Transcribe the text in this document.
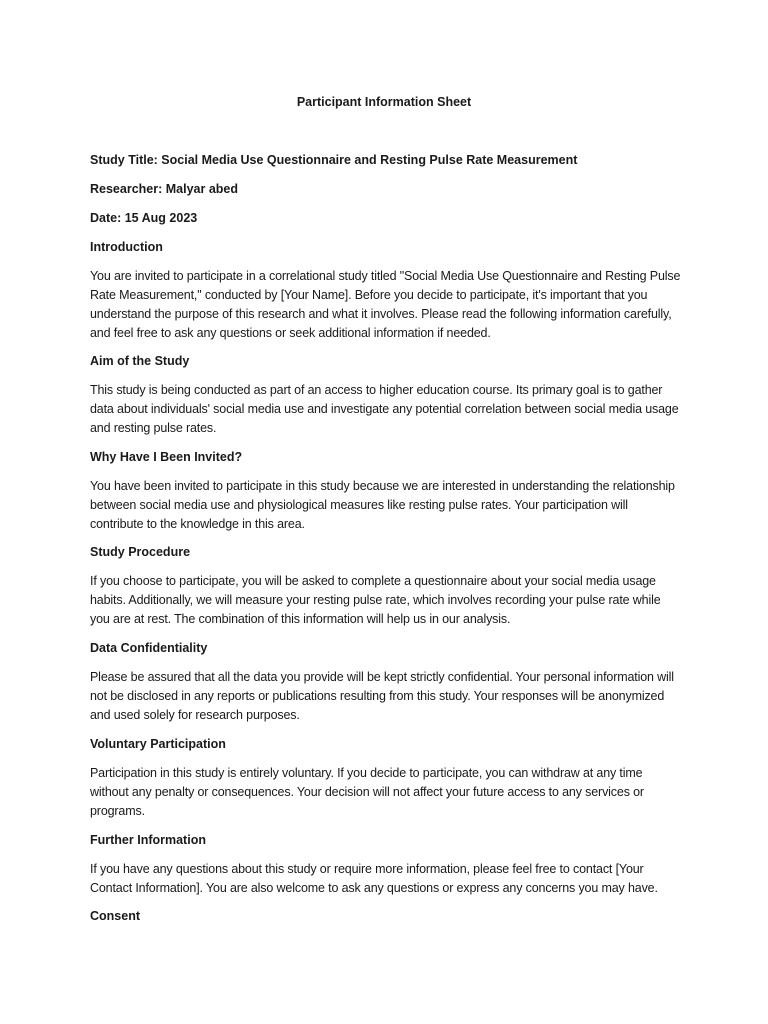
Participant Information Sheet

Study Title: Social Media Use Questionnaire and Resting Pulse Rate Measurement

Researcher: Malyar abed

Date: 15 Aug 2023

Introduction

You are invited to participate in a correlational study titled "Social Media Use Questionnaire and Resting Pulse Rate Measurement," conducted by [Your Name]. Before you decide to participate, it's important that you understand the purpose of this research and what it involves. Please read the following information carefully, and feel free to ask any questions or seek additional information if needed.

Aim of the Study

This study is being conducted as part of an access to higher education course. Its primary goal is to gather data about individuals' social media use and investigate any potential correlation between social media usage and resting pulse rates.

Why Have I Been Invited?

You have been invited to participate in this study because we are interested in understanding the relationship between social media use and physiological measures like resting pulse rates. Your participation will contribute to the knowledge in this area.

Study Procedure

If you choose to participate, you will be asked to complete a questionnaire about your social media usage habits. Additionally, we will measure your resting pulse rate, which involves recording your pulse rate while you are at rest. The combination of this information will help us in our analysis.

Data Confidentiality

Please be assured that all the data you provide will be kept strictly confidential. Your personal information will not be disclosed in any reports or publications resulting from this study. Your responses will be anonymized and used solely for research purposes.

Voluntary Participation

Participation in this study is entirely voluntary. If you decide to participate, you can withdraw at any time without any penalty or consequences. Your decision will not affect your future access to any services or programs.

Further Information

If you have any questions about this study or require more information, please feel free to contact [Your Contact Information]. You are also welcome to ask any questions or express any concerns you may have.

Consent
